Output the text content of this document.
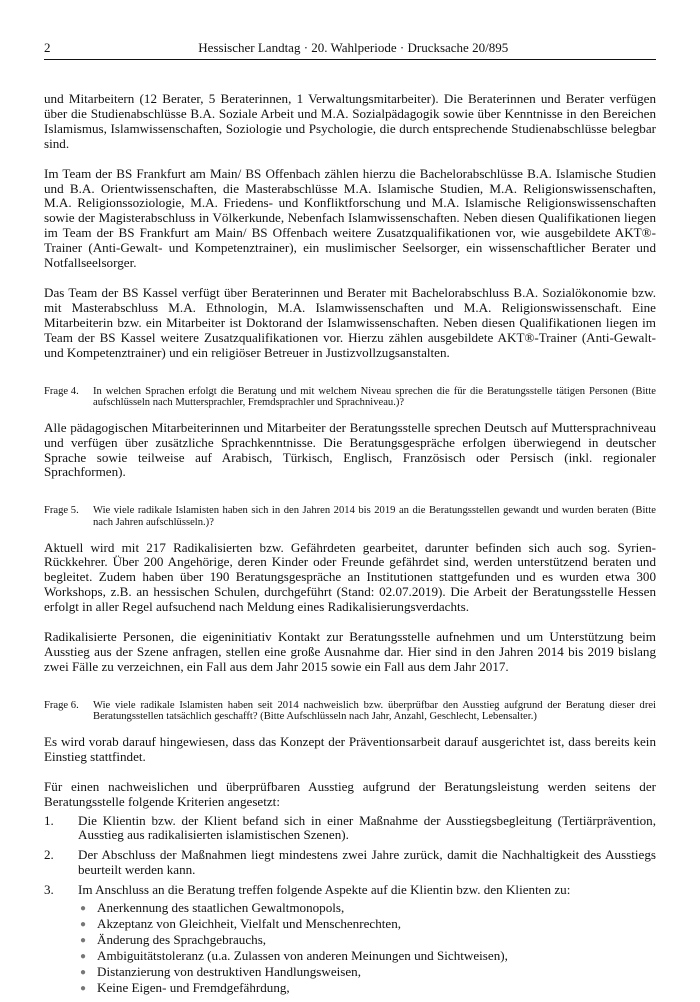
2	Hessischer Landtag · 20. Wahlperiode · Drucksache 20/895

und Mitarbeitern (12 Berater, 5 Beraterinnen, 1 Verwaltungsmitarbeiter). Die Beraterinnen und Berater verfügen über die Studienabschlüsse B.A. Soziale Arbeit und M.A. Sozialpädagogik sowie über Kenntnisse in den Bereichen Islamismus, Islamwissenschaften, Soziologie und Psychologie, die durch entsprechende Studienabschlüsse belegbar sind.

Im Team der BS Frankfurt am Main/ BS Offenbach zählen hierzu die Bachelorabschlüsse B.A. Islamische Studien und B.A. Orientwissenschaften, die Masterabschlüsse M.A. Islamische Studien, M.A. Religionswissenschaften, M.A. Religionssoziologie, M.A. Friedens- und Konfliktforschung und M.A. Islamische Religionswissenschaften sowie der Magisterabschluss in Völkerkunde, Nebenfach Islamwissenschaften. Neben diesen Qualifikationen liegen im Team der BS Frankfurt am Main/ BS Offenbach weitere Zusatzqualifikationen vor, wie ausgebildete AKT®-Trainer (Anti-Gewalt- und Kompetenztrainer), ein muslimischer Seelsorger, ein wissenschaftlicher Berater und Notfallseelsorger.

Das Team der BS Kassel verfügt über Beraterinnen und Berater mit Bachelorabschluss B.A. Sozialökonomie bzw. mit Masterabschluss M.A. Ethnologin, M.A. Islamwissenschaften und M.A. Religionswissenschaft. Eine Mitarbeiterin bzw. ein Mitarbeiter ist Doktorand der Islamwissenschaften. Neben diesen Qualifikationen liegen im Team der BS Kassel weitere Zusatzqualifikationen vor. Hierzu zählen ausgebildete AKT®-Trainer (Anti-Gewalt- und Kompetenztrainer) und ein religiöser Betreuer in Justizvollzugsanstalten.

Frage 4.	In welchen Sprachen erfolgt die Beratung und mit welchem Niveau sprechen die für die Beratungsstelle tätigen Personen (Bitte aufschlüsseln nach Muttersprachler, Fremdsprachler und Sprachniveau.)?

Alle pädagogischen Mitarbeiterinnen und Mitarbeiter der Beratungsstelle sprechen Deutsch auf Muttersprachniveau und verfügen über zusätzliche Sprachkenntnisse. Die Beratungsgespräche erfolgen überwiegend in deutscher Sprache sowie teilweise auf Arabisch, Türkisch, Englisch, Französisch oder Persisch (inkl. regionaler Sprachformen).

Frage 5.	Wie viele radikale Islamisten haben sich in den Jahren 2014 bis 2019 an die Beratungsstellen gewandt und wurden beraten (Bitte nach Jahren aufschlüsseln.)?

Aktuell wird mit 217 Radikalisierten bzw. Gefährdeten gearbeitet, darunter befinden sich auch sog. Syrien-Rückkehrer. Über 200 Angehörige, deren Kinder oder Freunde gefährdet sind, werden unterstützend beraten und begleitet. Zudem haben über 190 Beratungsgespräche an Institutionen stattgefunden und es wurden etwa 300 Workshops, z.B. an hessischen Schulen, durchgeführt (Stand: 02.07.2019). Die Arbeit der Beratungsstelle Hessen erfolgt in aller Regel aufsuchend nach Meldung eines Radikalisierungsverdachts.

Radikalisierte Personen, die eigeninitiativ Kontakt zur Beratungsstelle aufnehmen und um Unterstützung beim Ausstieg aus der Szene anfragen, stellen eine große Ausnahme dar. Hier sind in den Jahren 2014 bis 2019 bislang zwei Fälle zu verzeichnen, ein Fall aus dem Jahr 2015 sowie ein Fall aus dem Jahr 2017.

Frage 6.	Wie viele radikale Islamisten haben seit 2014 nachweislich bzw. überprüfbar den Ausstieg aufgrund der Beratung dieser drei Beratungsstellen tatsächlich geschafft? (Bitte Aufschlüsseln nach Jahr, Anzahl, Geschlecht, Lebensalter.)

Es wird vorab darauf hingewiesen, dass das Konzept der Präventionsarbeit darauf ausgerichtet ist, dass bereits kein Einstieg stattfindet.

Für einen nachweislichen und überprüfbaren Ausstieg aufgrund der Beratungsleistung werden seitens der Beratungsstelle folgende Kriterien angesetzt:

1.	Die Klientin bzw. der Klient befand sich in einer Maßnahme der Ausstiegsbegleitung (Tertiärprävention, Ausstieg aus radikalisierten islamistischen Szenen).
2.	Der Abschluss der Maßnahmen liegt mindestens zwei Jahre zurück, damit die Nachhaltigkeit des Ausstiegs beurteilt werden kann.
3.	Im Anschluss an die Beratung treffen folgende Aspekte auf die Klientin bzw. den Klienten zu:
● Anerkennung des staatlichen Gewaltmonopols,
● Akzeptanz von Gleichheit, Vielfalt und Menschenrechten,
● Änderung des Sprachgebrauchs,
● Ambiguitätstoleranz (u.a. Zulassen von anderen Meinungen und Sichtweisen),
● Distanzierung von destruktiven Handlungsweisen,
● Keine Eigen- und Fremdgefährdung,
